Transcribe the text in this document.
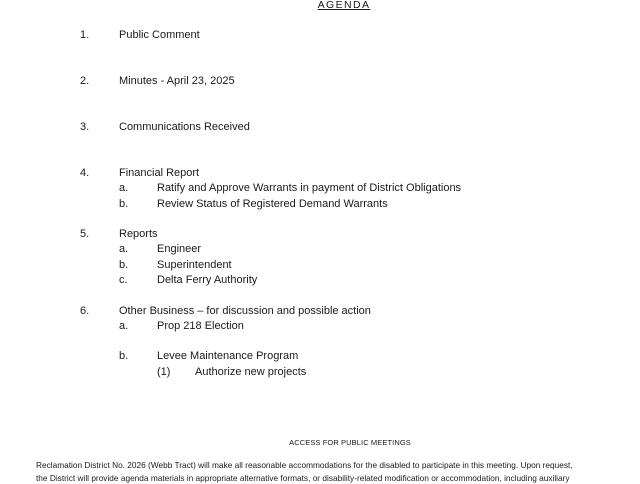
AGENDA
1.	Public Comment
2.	Minutes - April 23, 2025
3.	Communications Received
4.	Financial Report
a.	Ratify and Approve Warrants in payment of District Obligations
b.	Review Status of Registered Demand Warrants
5.	Reports
a.	Engineer
b.	Superintendent
c.	Delta Ferry Authority
6.	Other Business – for discussion and possible action
a.	Prop 218 Election
b.	Levee Maintenance Program
(1) Authorize new projects
ACCESS FOR PUBLIC MEETINGS
Reclamation District No. 2026 (Webb Tract) will make all reasonable accommodations for the disabled to participate in this meeting. Upon request,
the District will provide agenda materials in appropriate alternative formats, or disability-related modification or accommodation, including auxiliary
